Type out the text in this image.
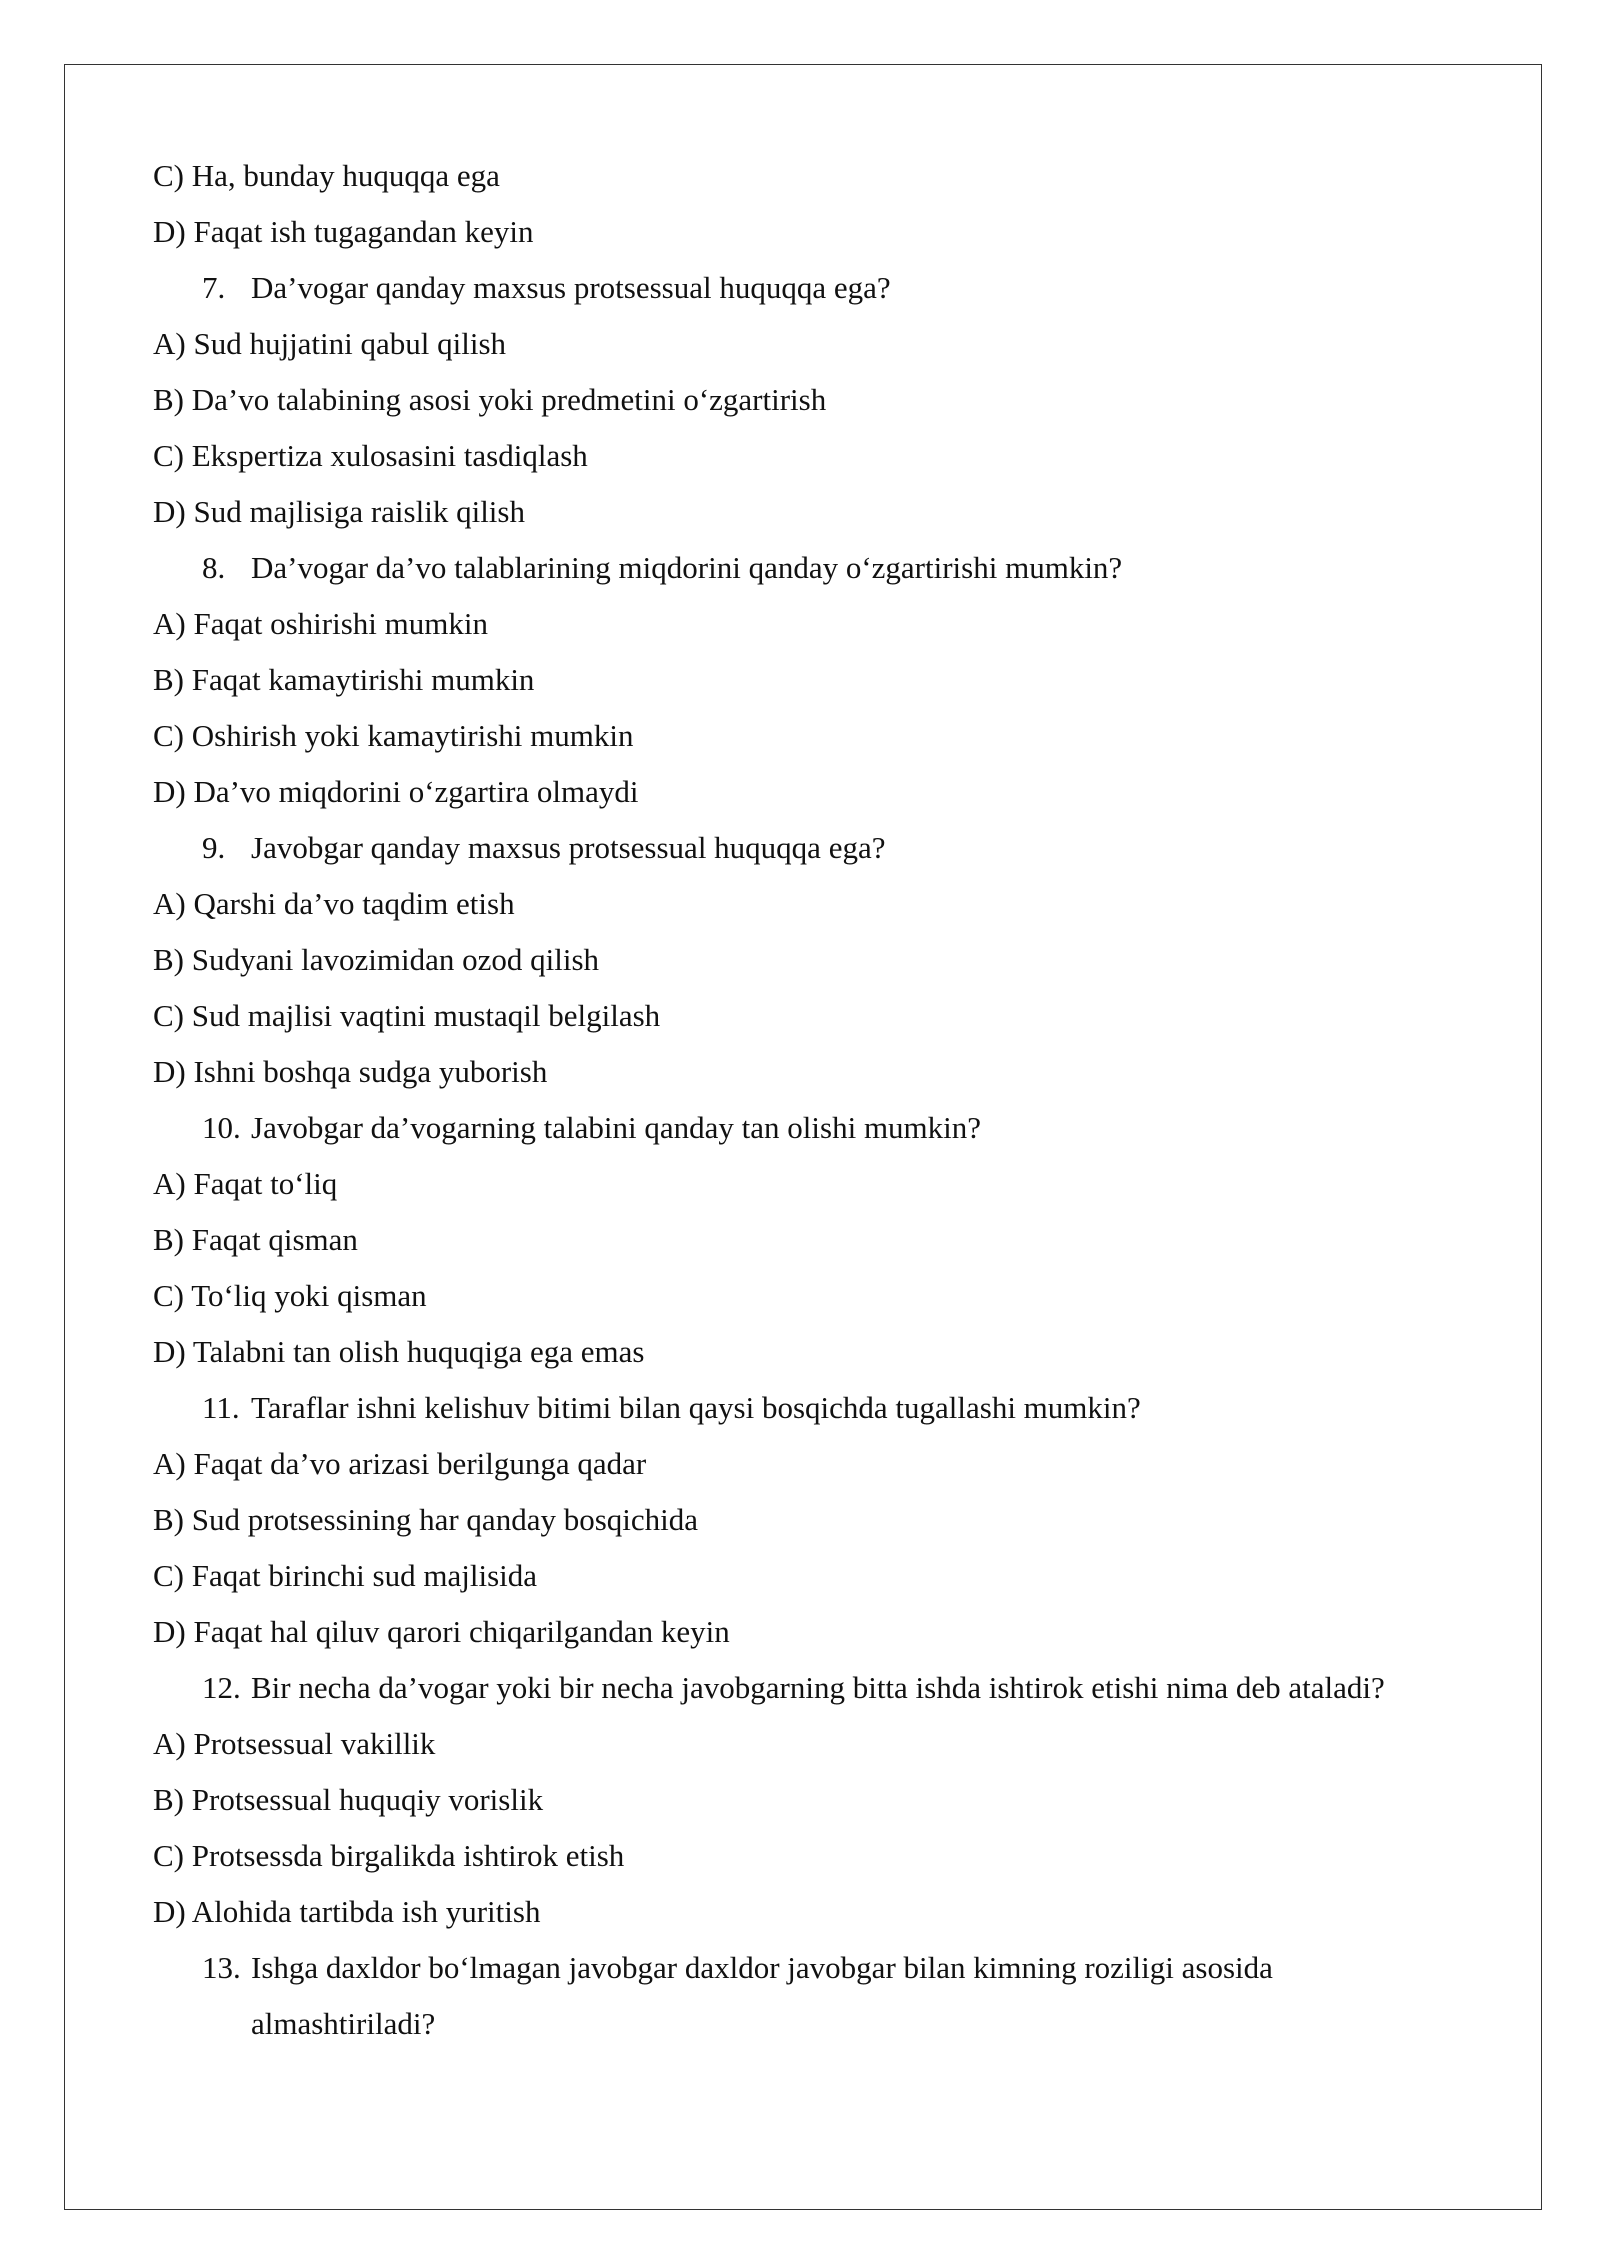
C) Ha, bunday huquqqa ega
D) Faqat ish tugagandan keyin
7. Da’vogar qanday maxsus protsessual huquqqa ega?
A) Sud hujjatini qabul qilish
B) Da’vo talabining asosi yoki predmetini o‘zgartirish
C) Ekspertiza xulosasini tasdiqlash
D) Sud majlisiga raislik qilish
8. Da’vogar da’vo talablarining miqdorini qanday o‘zgartirishi mumkin?
A) Faqat oshirishi mumkin
B) Faqat kamaytirishi mumkin
C) Oshirish yoki kamaytirishi mumkin
D) Da’vo miqdorini o‘zgartira olmaydi
9. Javobgar qanday maxsus protsessual huquqqa ega?
A) Qarshi da’vo taqdim etish
B) Sudyani lavozimidan ozod qilish
C) Sud majlisi vaqtini mustaqil belgilash
D) Ishni boshqa sudga yuborish
10. Javobgar da’vogarning talabini qanday tan olishi mumkin?
A) Faqat to‘liq
B) Faqat qisman
C) To‘liq yoki qisman
D) Talabni tan olish huquqiga ega emas
11. Taraflar ishni kelishuv bitimi bilan qaysi bosqichda tugallashi mumkin?
A) Faqat da’vo arizasi berilgunga qadar
B) Sud protsessining har qanday bosqichida
C) Faqat birinchi sud majlisida
D) Faqat hal qiluv qarori chiqarilgandan keyin
12. Bir necha da’vogar yoki bir necha javobgarning bitta ishda ishtirok etishi nima deb ataladi?
A) Protsessual vakillik
B) Protsessual huquqiy vorislik
C) Protsessda birgalikda ishtirok etish
D) Alohida tartibda ish yuritish
13. Ishga daxldor bo‘lmagan javobgar daxldor javobgar bilan kimning roziligi asosida almashtiriladi?
